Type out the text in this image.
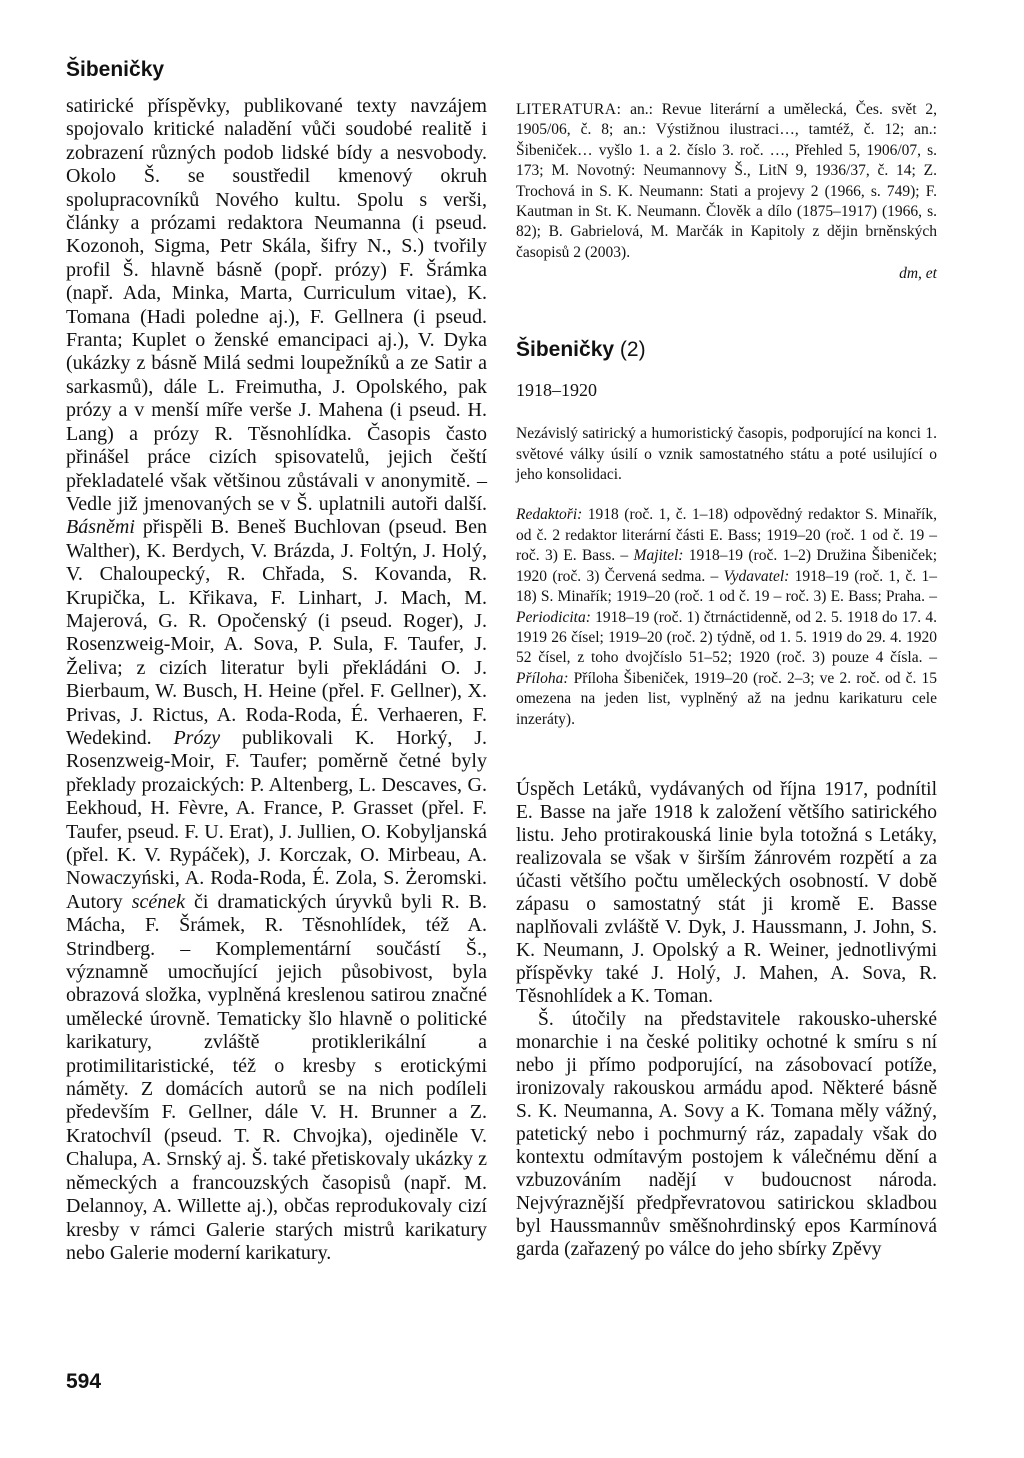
Šibeničky

satirické příspěvky, publikované texty navzájem spojovalo kritické naladění vůči soudobé realitě i zobrazení různých podob lidské bídy a nesvobody. Okolo Š. se soustředil kmenový okruh spolupracovníků Nového kultu. Spolu s verši, články a prózami redaktora Neumanna (i pseud. Kozonoh, Sigma, Petr Skála, šifry N., S.) tvořily profil Š. hlavně básně (popř. prózy) F. Šrámka (např. Ada, Minka, Marta, Curriculum vitae), K. Tomana (Hadi poledne aj.), F. Gellnera (i pseud. Franta; Kuplet o ženské emancipaci aj.), V. Dyka (ukázky z básně Milá sedmi loupežníků a ze Satir a sarkasmů), dále L. Freimutha, J. Opolského, pak prózy a v menší míře verše J. Mahena (i pseud. H. Lang) a prózy R. Těsnohlídka. Časopis často přinášel práce cizích spisovatelů, jejich čeští překladatelé však většinou zůstávali v anonymitě. – Vedle již jmenovaných se v Š. uplatnili autoři další. Básněmi přispěli B. Beneš Buchlovan (pseud. Ben Walther), K. Berdych, V. Brázda, J. Foltýn, J. Holý, V. Chaloupecký, R. Chřada, S. Kovanda, R. Krupička, L. Křikava, F. Linhart, J. Mach, M. Majerová, G. R. Opočenský (i pseud. Roger), J. Rosenzweig-Moir, A. Sova, P. Sula, F. Taufer, J. Želiva; z cizích literatur byli překládáni O. J. Bierbaum, W. Busch, H. Heine (přel. F. Gellner), X. Privas, J. Rictus, A. Roda-Roda, É. Verhaeren, F. Wedekind. Prózy publikovali K. Horký, J. Rosenzweig-Moir, F. Taufer; poměrně četné byly překlady prozaických: P. Altenberg, L. Descaves, G. Eekhoud, H. Fèvre, A. France, P. Grasset (přel. F. Taufer, pseud. F. U. Erat), J. Jullien, O. Kobyljanská (přel. K. V. Rypáček), J. Korczak, O. Mirbeau, A. Nowaczyński, A. Roda-Roda, É. Zola, S. Żeromski. Autory scének či dramatických úryvků byli R. B. Mácha, F. Šrámek, R. Těsnohlídek, též A. Strindberg. – Komplementární součástí Š., významně umocňující jejich působivost, byla obrazová složka, vyplněná kreslenou satirou značné umělecké úrovně. Tematicky šlo hlavně o politické karikatury, zvláště protiklerikální a protimilitaristické, též o kresby s erotickými náměty. Z domácích autorů se na nich podíleli především F. Gellner, dále V. H. Brunner a Z. Kratochvíl (pseud. T. R. Chvojka), ojediněle V. Chalupa, A. Srnský aj. Š. také přetiskovaly ukázky z německých a francouzských časopisů (např. M. Delannoy, A. Willette aj.), občas reprodukovaly cizí kresby v rámci Galerie starých mistrů karikatury nebo Galerie moderní karikatury.

LITERATURA: an.: Revue literární a umělecká, Čes. svět 2, 1905/06, č. 8; an.: Výstižnou ilustraci…, tamtéž, č. 12; an.: Šibeniček… vyšlo 1. a 2. číslo 3. roč. …, Přehled 5, 1906/07, s. 173; M. Novotný: Neumannovy Š., LitN 9, 1936/37, č. 14; Z. Trochová in S. K. Neumann: Stati a projevy 2 (1966, s. 749); F. Kautman in St. K. Neumann. Člověk a dílo (1875–1917) (1966, s. 82); B. Gabrielová, M. Marčák in Kapitoly z dějin brněnských časopisů 2 (2003).

dm, et

Šibeničky (2)

1918–1920

Nezávislý satirický a humoristický časopis, podporující na konci 1. světové války úsilí o vznik samostatného státu a poté usilující o jeho konsolidaci.

Redaktoři: 1918 (roč. 1, č. 1–18) odpovědný redaktor S. Minařík, od č. 2 redaktor literární části E. Bass; 1919–20 (roč. 1 od č. 19 – roč. 3) E. Bass. – Majitel: 1918–19 (roč. 1–2) Družina Šibeniček; 1920 (roč. 3) Červená sedma. – Vydavatel: 1918–19 (roč. 1, č. 1–18) S. Minařík; 1919–20 (roč. 1 od č. 19 – roč. 3) E. Bass; Praha. – Periodicita: 1918–19 (roč. 1) čtrnáctidenně, od 2. 5. 1918 do 17. 4. 1919 26 čísel; 1919–20 (roč. 2) týdně, od 1. 5. 1919 do 29. 4. 1920 52 čísel, z toho dvojčíslo 51–52; 1920 (roč. 3) pouze 4 čísla. – Příloha: Příloha Šibeniček, 1919–20 (roč. 2–3; ve 2. roč. od č. 15 omezena na jeden list, vyplněný až na jednu karikaturu cele inzeráty).

Úspěch Letáků, vydávaných od října 1917, podnítil E. Basse na jaře 1918 k založení většího satirického listu. Jeho protirakouská linie byla totožná s Letáky, realizovala se však v širším žánrovém rozpětí a za účasti většího počtu uměleckých osobností. V době zápasu o samostatný stát ji kromě E. Basse naplňovali zvláště V. Dyk, J. Haussmann, J. John, S. K. Neumann, J. Opolský a R. Weiner, jednotlivými příspěvky také J. Holý, J. Mahen, A. Sova, R. Těsnohlídek a K. Toman.

Š. útočily na představitele rakousko-uherské monarchie i na české politiky ochotné k smíru s ní nebo ji přímo podporující, na zásobovací potíže, ironizovaly rakouskou armádu apod. Některé básně S. K. Neumanna, A. Sovy a K. Tomana měly vážný, patetický nebo i pochmurný ráz, zapadaly však do kontextu odmítavým postojem k válečnému dění a vzbuzováním nadějí v budoucnost národa. Nejvýraznější předpřevratovou satirickou skladbou byl Haussmannův směšnohrdinský epos Karmínová garda (zařazený po válce do jeho sbírky Zpěvy

594
